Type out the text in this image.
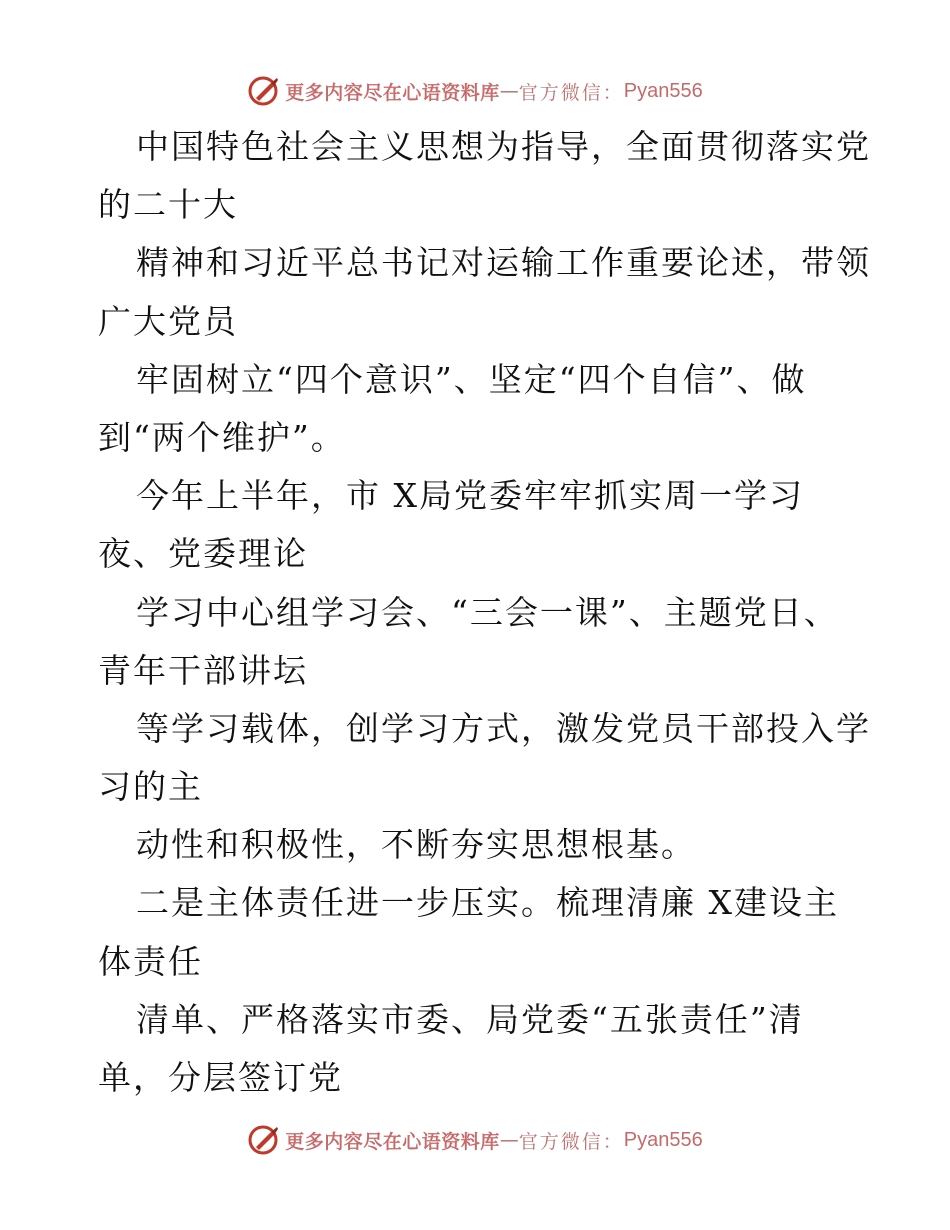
更多内容尽在心语资料库 — 官方微信： Pyan556
中国特色社会主义思想为指导，全面贯彻落实党
的二十大
精神和习近平总书记对运输工作重要论述，带领
广大党员
牢固树立“四个意识”、坚定“四个自信”、做
到“两个维护”。
今年上半年，市 X局党委牢牢抓实周一学习
夜、党委理论
学习中心组学习会、“三会一课”、主题党日、
青年干部讲坛
等学习载体，创学习方式，激发党员干部投入学
习的主
动性和积极性，不断夯实思想根基。
二是主体责任进一步压实。梳理清廉 X建设主
体责任
清单、严格落实市委、局党委“五张责任”清
单，分层签订党
更多内容尽在心语资料库 — 官方微信： Pyan556
